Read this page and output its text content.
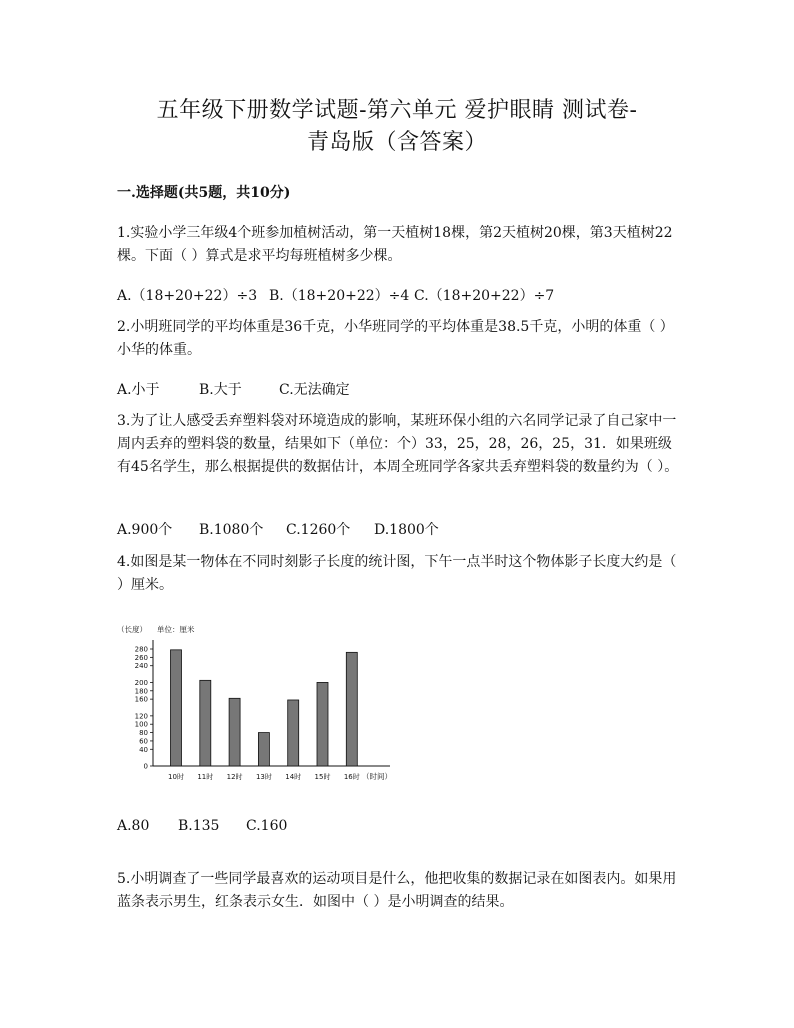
五年级下册数学试题-第六单元 爱护眼睛 测试卷-
青岛版（含答案）
一.选择题(共5题，共10分)
1.实验小学三年级4个班参加植树活动，第一天植树18棵，第2天植树20棵，第3天植树22棵。下面（ ）算式是求平均每班植树多少棵。
A.（18+20+22）÷3 B.（18+20+22）÷4 C.（18+20+22）÷7
2.小明班同学的平均体重是36千克，小华班同学的平均体重是38.5千克，小明的体重（ ）小华的体重。
A.小于	B.大于	C.无法确定
3.为了让人感受丢弃塑料袋对环境造成的影响，某班环保小组的六名同学记录了自己家中一周内丢弃的塑料袋的数量，结果如下（单位：个）33，25，28，26，25，31．如果班级有45名学生，那么根据提供的数据估计，本周全班同学各家共丢弃塑料袋的数量约为（ ）。
A.900个 B.1080个 C.1260个 D.1800个
4.如图是某一物体在不同时刻影子长度的统计图，下午一点半时这个物体影子长度大约是（ ）厘米。
（长度） 单位：厘米
0
40
60
80
100
120
160
180
200
240
260
280
10时 11时 12时 13时 14时 15时 16时 （时间）
A.80 B.135 C.160
5.小明调查了一些同学最喜欢的运动项目是什么，他把收集的数据记录在如图表内。如果用蓝条表示男生，红条表示女生．如图中（ ）是小明调查的结果。
